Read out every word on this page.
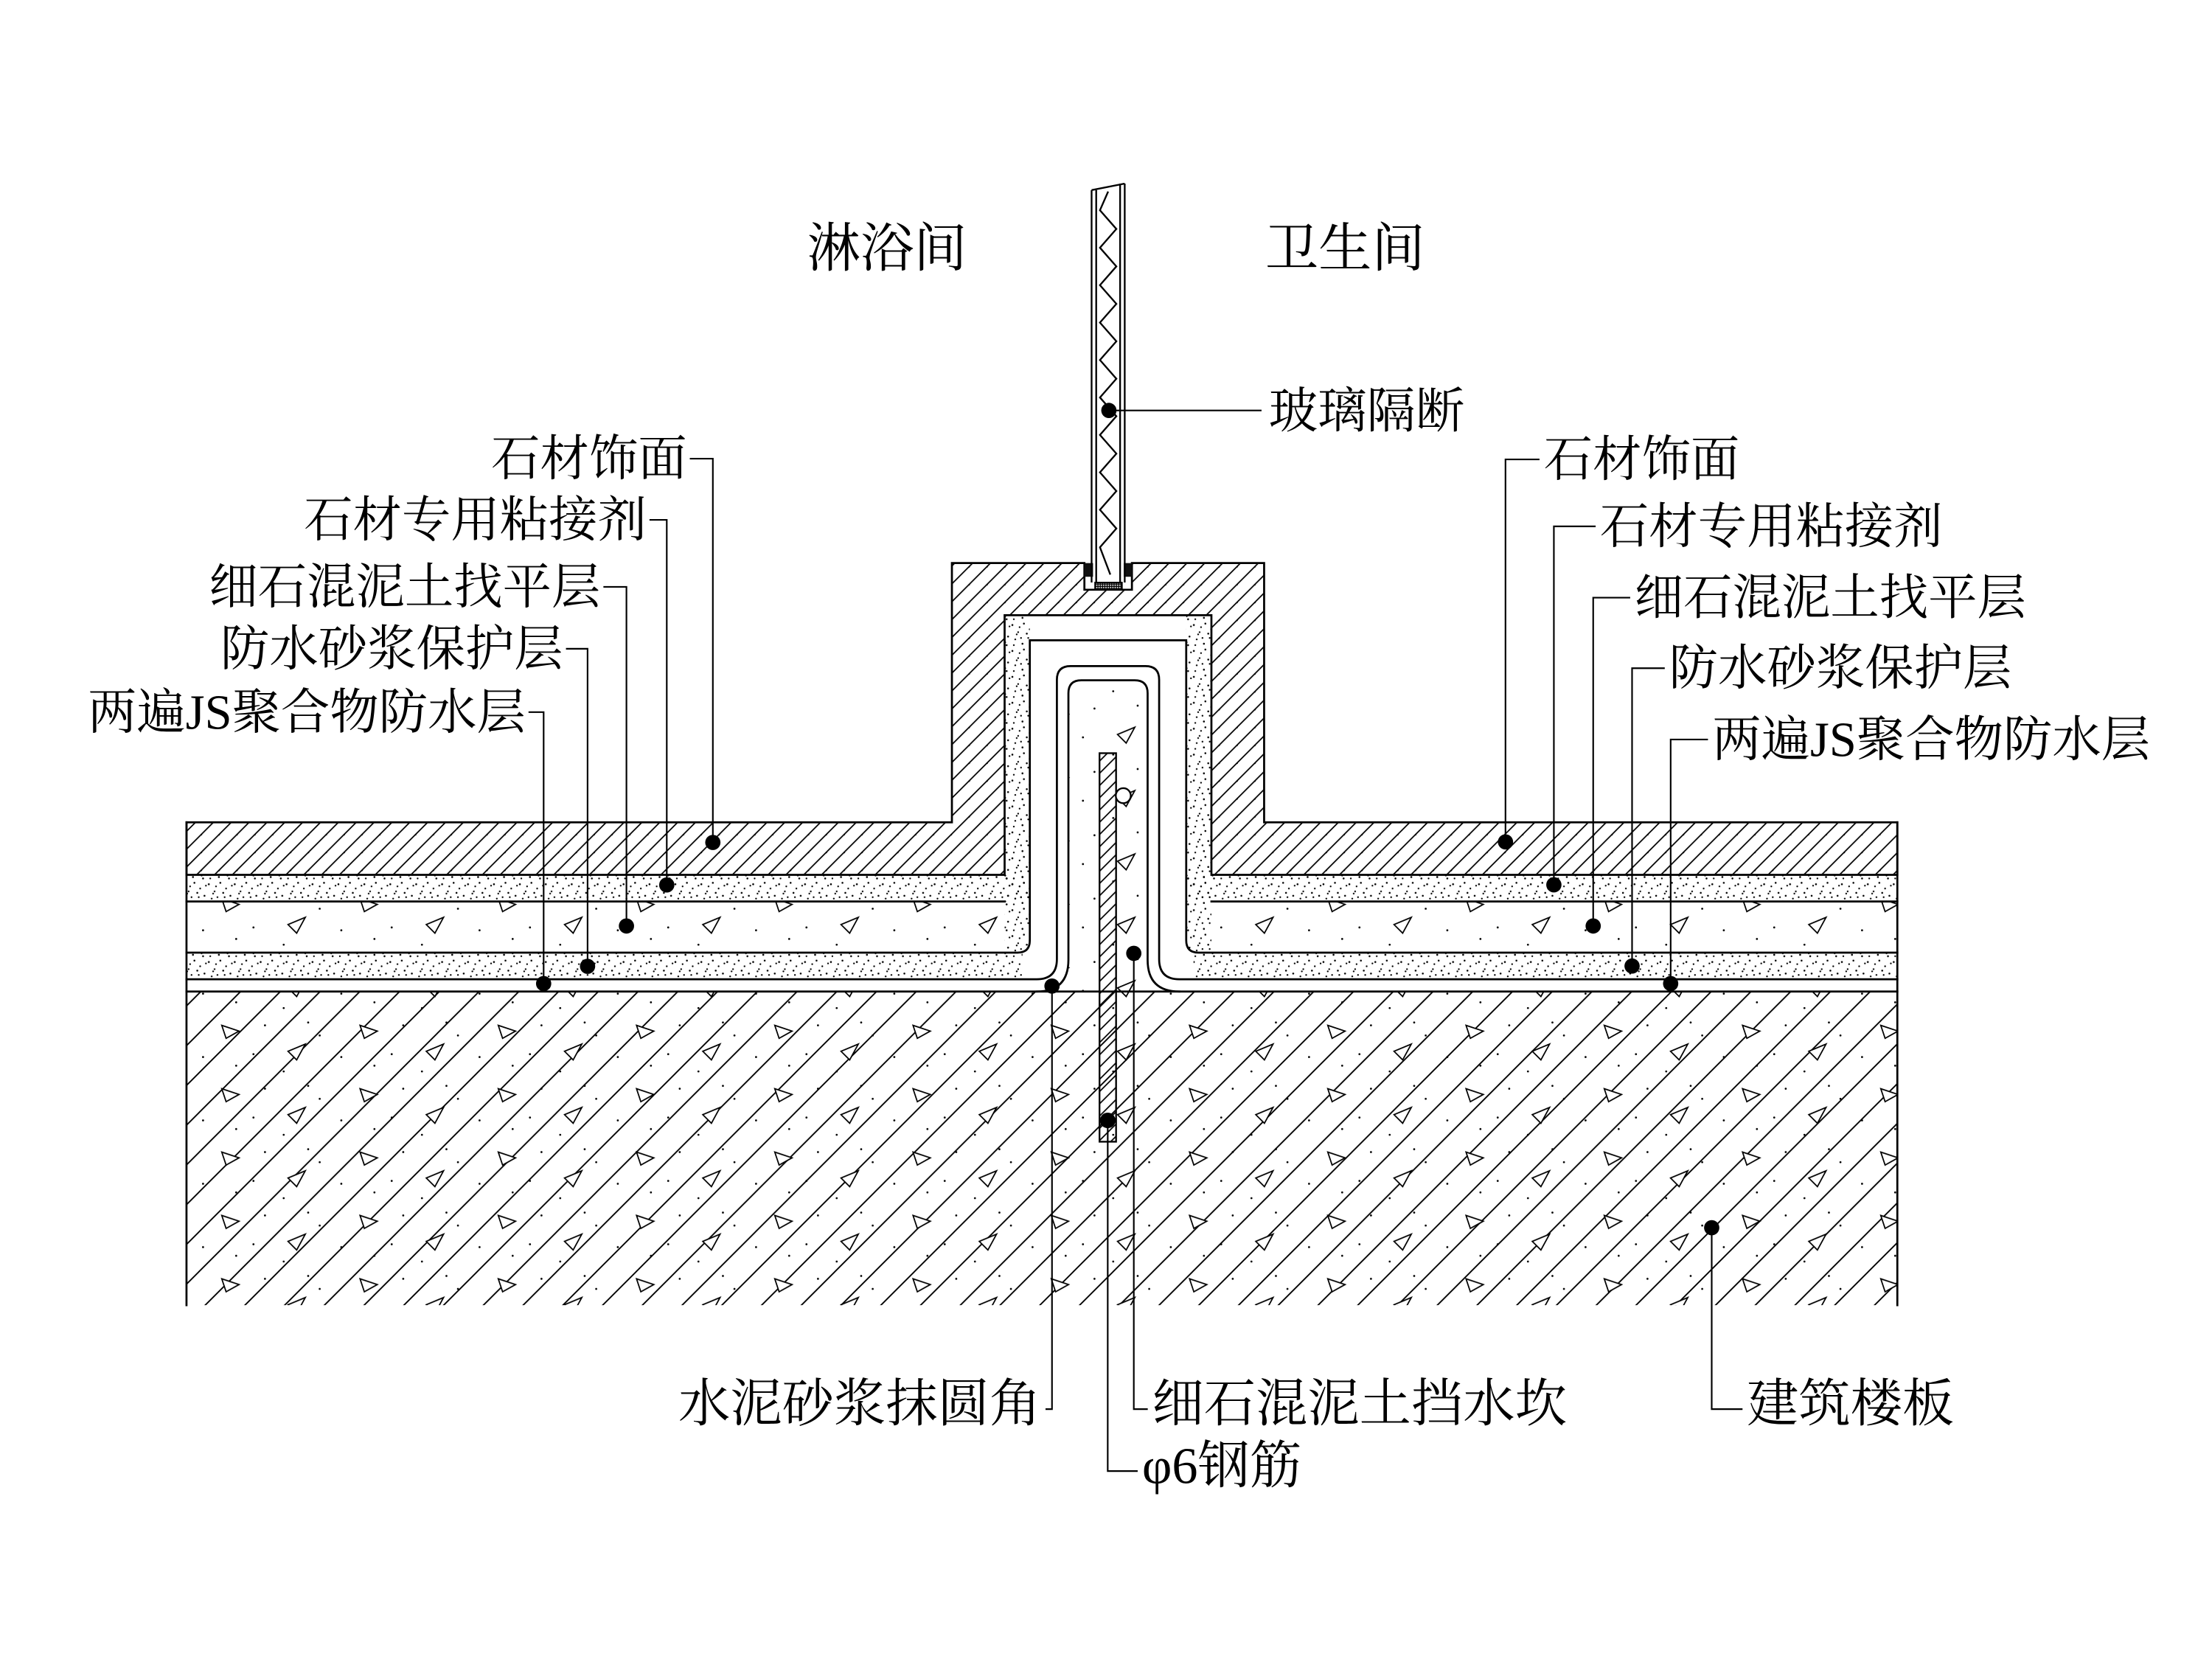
淋浴间	卫生间
玻璃隔断
石材饰面
石材专用粘接剂
细石混泥土找平层
防水砂浆保护层
两遍JS聚合物防水层
石材饰面
石材专用粘接剂
细石混泥土找平层
防水砂浆保护层
两遍JS聚合物防水层
水泥砂浆抹圆角	细石混泥土挡水坎
φ6钢筋
建筑楼板
